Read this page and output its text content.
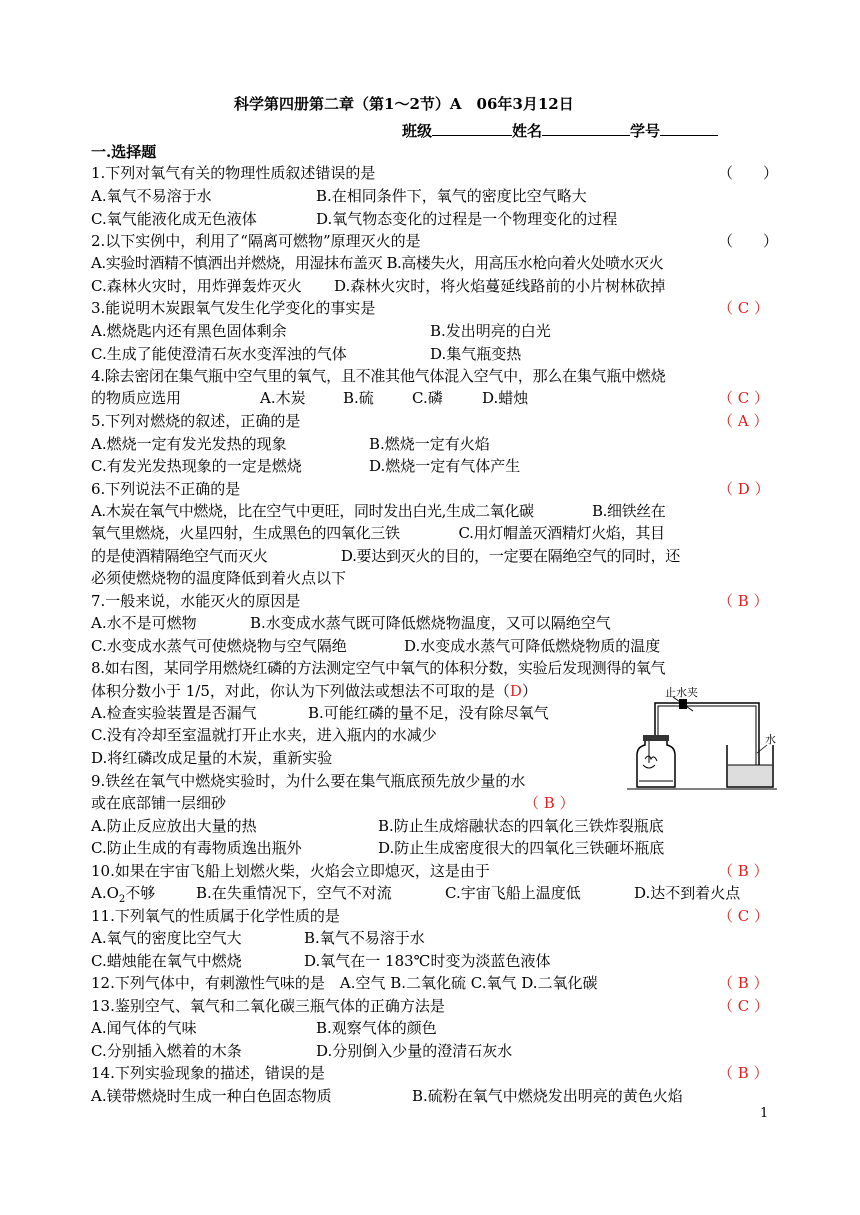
科学第四册第二章（第1～2节）A　06年3月12日
班级	姓名	学号
一.选择题
1.下列对氧气有关的物理性质叙述错误的是	（　　）
A.氧气不易溶于水	B.在相同条件下，氧气的密度比空气略大
C.氧气能液化成无色液体	D.氧气物态变化的过程是一个物理变化的过程
2.以下实例中，利用了“隔离可燃物”原理灭火的是	（　　）
A.实验时酒精不慎洒出并燃烧，用湿抹布盖灭 B.高楼失火，用高压水枪向着火处喷水灭火
C.森林火灾时，用炸弹轰炸灭火 D.森林火灾时，将火焰蔓延线路前的小片树林砍掉
3.能说明木炭跟氧气发生化学变化的事实是	（ C ）
A.燃烧匙内还有黑色固体剩余	B.发出明亮的白光
C.生成了能使澄清石灰水变浑浊的气体	D.集气瓶变热
4.除去密闭在集气瓶中空气里的氧气，且不准其他气体混入空气中，那么在集气瓶中燃烧
的物质应选用	A.木炭 B.硫	C.磷	D.蜡烛	（ C ）
5.下列对燃烧的叙述，正确的是	（ A ）
A.燃烧一定有发光发热的现象	B.燃烧一定有火焰
C.有发光发热现象的一定是燃烧	D.燃烧一定有气体产生
6.下列说法不正确的是	（ D ）
A.木炭在氧气中燃烧，比在空气中更旺，同时发出白光,生成二氧化碳　　　　B.细铁丝在
氧气里燃烧，火星四射，生成黑色的四氧化三铁　　　　C.用灯帽盖灭酒精灯火焰，其目
的是使酒精隔绝空气而灭火　　　　　D.要达到灭火的目的，一定要在隔绝空气的同时，还
必须使燃烧物的温度降低到着火点以下
7.一般来说，水能灭火的原因是	（ B ）
A.水不是可燃物	B.水变成水蒸气既可降低燃烧物温度，又可以隔绝空气
C.水变成水蒸气可使燃烧物与空气隔绝	D.水变成水蒸气可降低燃烧物质的温度
8.如右图，某同学用燃烧红磷的方法测定空气中氧气的体积分数，实验后发现测得的氧气
体积分数小于 1/5，对此，你认为下列做法或想法不可取的是（D）
A.检查实验装置是否漏气	B.可能红磷的量不足，没有除尽氧气
C.没有冷却至室温就打开止水夹，进入瓶内的水减少
D.将红磷改成足量的木炭，重新实验
止水夹
水
9.铁丝在氧气中燃烧实验时，为什么要在集气瓶底预先放少量的水
或在底部铺一层细砂	（ B ）
A.防止反应放出大量的热	B.防止生成熔融状态的四氧化三铁炸裂瓶底
C.防止生成的有毒物质逸出瓶外	D.防止生成密度很大的四氧化三铁砸坏瓶底
10.如果在宇宙飞船上划燃火柴，火焰会立即熄灭，这是由于	（ B ）
$A.O_2$不够	B.在失重情况下，空气不对流	C.宇宙飞船上温度低	D.达不到着火点
11.下列氧气的性质属于化学性质的是	（ C ）
A.氧气的密度比空气大	B.氧气不易溶于水
C.蜡烛能在氧气中燃烧	D.氧气在一 183℃时变为淡蓝色液体
12.下列气体中，有刺激性气味的是　A.空气 B.二氧化硫 C.氧气 D.二氧化碳	（ B ）
13.鉴别空气、氧气和二氧化碳三瓶气体的正确方法是	（ C ）
A.闻气体的气味	B.观察气体的颜色
C.分别插入燃着的木条	D.分别倒入少量的澄清石灰水
14.下列实验现象的描述，错误的是	（ B ）
A.镁带燃烧时生成一种白色固态物质	B.硫粉在氧气中燃烧发出明亮的黄色火焰
1
